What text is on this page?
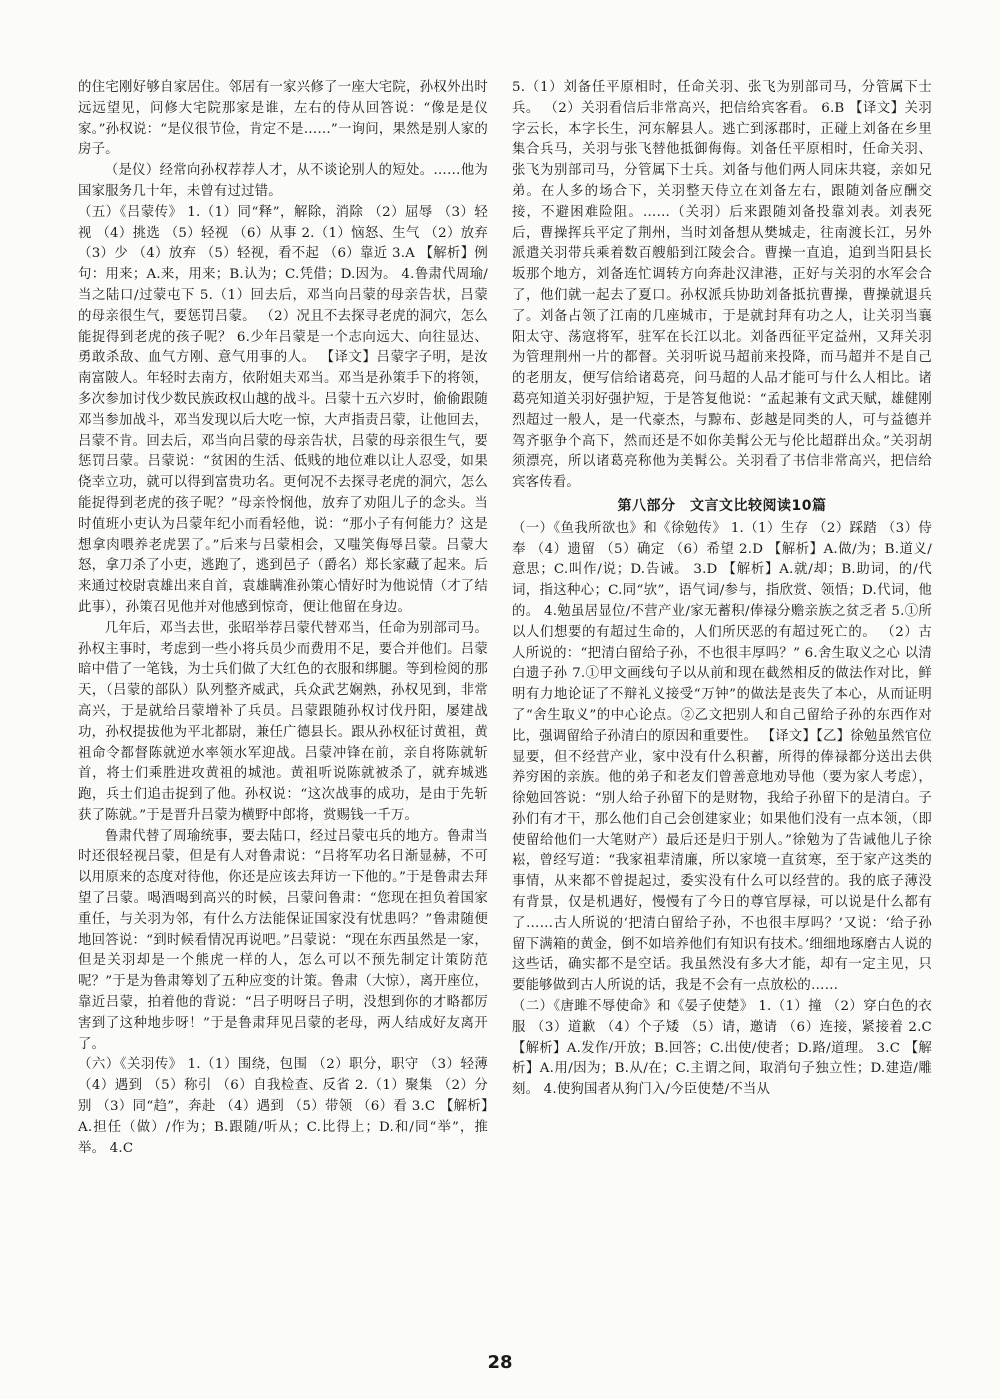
的住宅刚好够自家居住。邻居有一家兴修了一座大宅院，孙权外出时远远望见，问修大宅院那家是谁，左右的侍从回答说：“像是是仪家。”孙权说：“是仪很节俭，肯定不是……”一询问，果然是别人家的房子。

（是仪）经常向孙权荐荐人才，从不谈论别人的短处。……他为国家服务几十年，未曾有过过错。

（五）《吕蒙传》 1.（1）同“释”，解除，消除 （2）屈辱 （3）轻视 （4）挑选 （5）轻视 （6）从事 2.（1）恼怒、生气 （2）放弃 （3）少 （4）放弃 （5）轻视，看不起 （6）靠近 3.A 【解析】例句：用来；A.来，用来；B.认为；C.凭借；D.因为。 4.鲁肃代周瑜/当之陆口/过蒙屯下 5.（1）回去后，邓当向吕蒙的母亲告状，吕蒙的母亲很生气，要惩罚吕蒙。 （2）况且不去探寻老虎的洞穴，怎么能捉得到老虎的孩子呢？ 6.少年吕蒙是一个志向远大、向往显达、勇敢杀敌、血气方刚、意气用事的人。 【译文】吕蒙字子明，是汝南富陂人。年轻时去南方，依附姐夫邓当。邓当是孙策手下的将领，多次参加讨伐少数民族政权山越的战斗。吕蒙十五六岁时，偷偷跟随邓当参加战斗，邓当发现以后大吃一惊，大声指责吕蒙，让他回去，吕蒙不肯。回去后，邓当向吕蒙的母亲告状，吕蒙的母亲很生气，要惩罚吕蒙。吕蒙说：“贫困的生活、低贱的地位难以让人忍受，如果侥幸立功，就可以得到富贵功名。更何况不去探寻老虎的洞穴，怎么能捉得到老虎的孩子呢？”母亲怜悯他，放弃了劝阻儿子的念头。当时值班小吏认为吕蒙年纪小而看轻他，说：“那小子有何能力？这是想拿肉喂养老虎罢了。”后来与吕蒙相会，又嗤笑侮辱吕蒙。吕蒙大怒，拿刀杀了小吏，逃跑了，逃到邑子（爵名）郑长家藏了起来。后来通过校尉袁雄出来自首，袁雄瞒准孙策心情好时为他说情（才了结此事），孙策召见他并对他感到惊奇，便让他留在身边。

几年后，邓当去世，张昭举荐吕蒙代替邓当，任命为别部司马。孙权主事时，考虑到一些小将兵员少而费用不足，要合并他们。吕蒙暗中借了一笔钱，为士兵们做了大红色的衣服和绑腿。等到检阅的那天，（吕蒙的部队）队列整齐威武，兵众武艺娴熟，孙权见到，非常高兴，于是就给吕蒙增补了兵员。吕蒙跟随孙权讨伐丹阳，屡建战功，孙权提拔他为平北都尉，兼任广德县长。跟从孙权征讨黄祖，黄祖命令都督陈就逆水率领水军迎战。吕蒙冲锋在前，亲自将陈就斩首，将士们乘胜进攻黄祖的城池。黄祖听说陈就被杀了，就弃城逃跑，兵士们追击捉到了他。孙权说：“这次战事的成功，是由于先斩获了陈就。”于是晋升吕蒙为横野中郎将，赏赐钱一千万。

鲁肃代替了周瑜统事，要去陆口，经过吕蒙屯兵的地方。鲁肃当时还很轻视吕蒙，但是有人对鲁肃说：“吕将军功名日渐显赫，不可以用原来的态度对待他，你还是应该去拜访一下他的。”于是鲁肃去拜望了吕蒙。喝酒喝到高兴的时候，吕蒙问鲁肃：“您现在担负着国家重任，与关羽为邻，有什么方法能保证国家没有忧患吗？”鲁肃随便地回答说：“到时候看情况再说吧。”吕蒙说：“现在东西虽然是一家，但是关羽却是一个熊虎一样的人，怎么可以不预先制定计策防范呢？”于是为鲁肃筹划了五种应变的计策。鲁肃（大惊），离开座位，靠近吕蒙，拍着他的背说：“吕子明呀吕子明，没想到你的才略都厉害到了这种地步呀！”于是鲁肃拜见吕蒙的老母，两人结成好友离开了。

（六）《关羽传》 1.（1）围绕，包围 （2）职分，职守 （3）轻薄 （4）遇到 （5）称引 （6）自我检查、反省 2.（1）聚集 （2）分别 （3）同“趋”，奔赴 （4）遇到 （5）带领 （6）看 3.C 【解析】A.担任（做）/作为；B.跟随/听从；C.比得上；D.和/同“举”，推举。 4.C

5.（1）刘备任平原相时，任命关羽、张飞为别部司马，分管属下士兵。 （2）关羽看信后非常高兴，把信给宾客看。 6.B 【译文】关羽字云长，本字长生，河东解县人。逃亡到涿郡时，正碰上刘备在乡里集合兵马，关羽与张飞替他抵御侮侮。刘备任平原相时，任命关羽、张飞为别部司马，分管属下士兵。刘备与他们两人同床共寝，亲如兄弟。在人多的场合下，关羽整天侍立在刘备左右，跟随刘备应酬交接，不避困难险阻。……（关羽）后来跟随刘备投靠刘表。刘表死后，曹操挥兵平定了荆州，当时刘备想从樊城走，往南渡长江，另外派遣关羽带兵乘着数百艘船到江陵会合。曹操一直追，追到当阳县长坂那个地方，刘备连忙调转方向奔赴汉津港，正好与关羽的水军会合了，他们就一起去了夏口。孙权派兵协助刘备抵抗曹操，曹操就退兵了。刘备占领了江南的几座城市，于是就封拜有功之人，让关羽当襄阳太守、荡寇将军，驻军在长江以北。刘备西征平定益州，又拜关羽为管理荆州一片的都督。关羽听说马超前来投降，而马超并不是自己的老朋友，便写信给诸葛亮，问马超的人品才能可与什么人相比。诸葛亮知道关羽好强护短，于是答复他说：“孟起兼有文武天赋，雄健刚烈超过一般人，是一代豪杰，与黥布、彭越是同类的人，可与益德并驾齐驱争个高下，然而还是不如你美髯公无与伦比超群出众。”关羽胡须漂亮，所以诸葛亮称他为美髯公。关羽看了书信非常高兴，把信给宾客传看。

第八部分　文言文比较阅读10篇

（一）《鱼我所欲也》和《徐勉传》 1.（1）生存 （2）踩踏 （3）侍奉 （4）遗留 （5）确定 （6）希望 2.D 【解析】A.做/为；B.道义/意思；C.叫作/说；D.告诫。 3.D 【解析】A.就/却；B.助词，的/代词，指这种心；C.同“欤”，语气词/参与，指欣赏、领悟；D.代词，他的。 4.勉虽居显位/不营产业/家无蓄积/俸禄分赡亲族之贫乏者 5.①所以人们想要的有超过生命的，人们所厌恶的有超过死亡的。 （2）古人所说的：“把清白留给子孙，不也很丰厚吗？” 6.舍生取义之心 以清白遗子孙 7.①甲文画线句子以从前和现在截然相反的做法作对比，鲜明有力地论证了不辩礼义接受“万钟”的做法是丧失了本心，从而证明了“舍生取义”的中心论点。②乙文把别人和自己留给子孙的东西作对比，强调留给子孙清白的原因和重要性。 【译文】【乙】徐勉虽然官位显要，但不经营产业，家中没有什么积蓄，所得的俸禄都分送出去供养穷困的亲族。他的弟子和老友们曾善意地劝导他（要为家人考虑），徐勉回答说：“别人给子孙留下的是财物，我给子孙留下的是清白。子孙们有才干，那么他们自己会创建家业；如果他们没有一点本领，（即使留给他们一大笔财产）最后还是归于别人。”徐勉为了告诫他儿子徐崧，曾经写道：“我家祖辈清廉，所以家境一直贫寒，至于家产这类的事情，从来都不曾提起过，委实没有什么可以经营的。我的底子薄没有背景，仅是机遇好，慢慢有了今日的尊官厚禄，可以说是什么都有了……古人所说的‘把清白留给子孙，不也很丰厚吗？’又说：‘给子孙留下满箱的黄金，倒不如培养他们有知识有技术。’细细地琢磨古人说的这些话，确实都不是空话。我虽然没有多大才能，却有一定主见，只要能够做到古人所说的话，我是不会有一点放松的……

（二）《唐雎不辱使命》和《晏子使楚》 1.（1）撞 （2）穿白色的衣服 （3）道歉 （4）个子矮 （5）请，邀请 （6）连接，紧接着 2.C 【解析】A.发作/开放；B.回答；C.出使/使者；D.路/道理。 3.C 【解析】A.用/因为；B.从/在；C.主谓之间，取消句子独立性；D.建造/雕刻。 4.使狗国者从狗门入/今臣使楚/不当从

28
